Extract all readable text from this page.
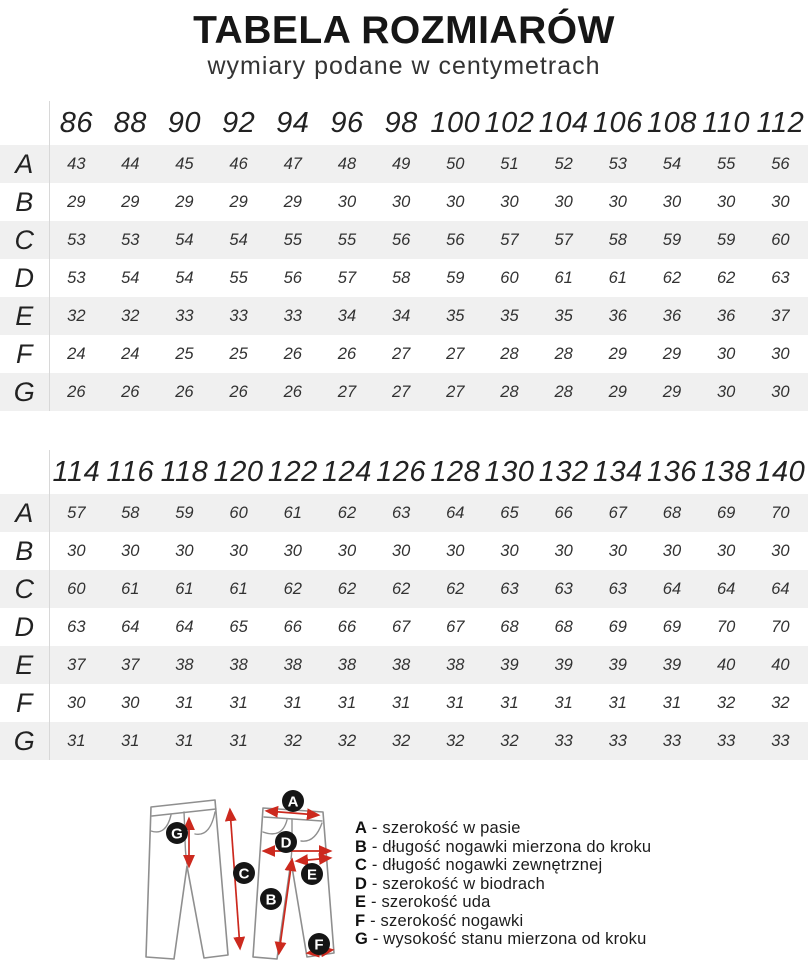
TABELA ROZMIARÓW
wymiary podane w centymetrach
	86	88	90	92	94	96	98	100	102	104	106	108	110	112
A	43	44	45	46	47	48	49	50	51	52	53	54	55	56
B	29	29	29	29	29	30	30	30	30	30	30	30	30	30
C	53	53	54	54	55	55	56	56	57	57	58	59	59	60
D	53	54	54	55	56	57	58	59	60	61	61	62	62	63
E	32	32	33	33	33	34	34	35	35	35	36	36	36	37
F	24	24	25	25	26	26	27	27	28	28	29	29	30	30
G	26	26	26	26	26	27	27	27	28	28	29	29	30	30
	114	116	118	120	122	124	126	128	130	132	134	136	138	140
A	57	58	59	60	61	62	63	64	65	66	67	68	69	70
B	30	30	30	30	30	30	30	30	30	30	30	30	30	30
C	60	61	61	61	62	62	62	62	63	63	63	64	64	64
D	63	64	64	65	66	66	67	67	68	68	69	69	70	70
E	37	37	38	38	38	38	38	38	39	39	39	39	40	40
F	30	30	31	31	31	31	31	31	31	31	31	31	32	32
G	31	31	31	31	32	32	32	32	32	33	33	33	33	33
A
B
C
D
E
F
G	A - szerokość w pasie
B - długość nogawki mierzona do kroku
C - długość nogawki zewnętrznej
D - szerokość w biodrach
E - szerokość uda
F - szerokość nogawki
G - wysokość stanu mierzona od kroku
